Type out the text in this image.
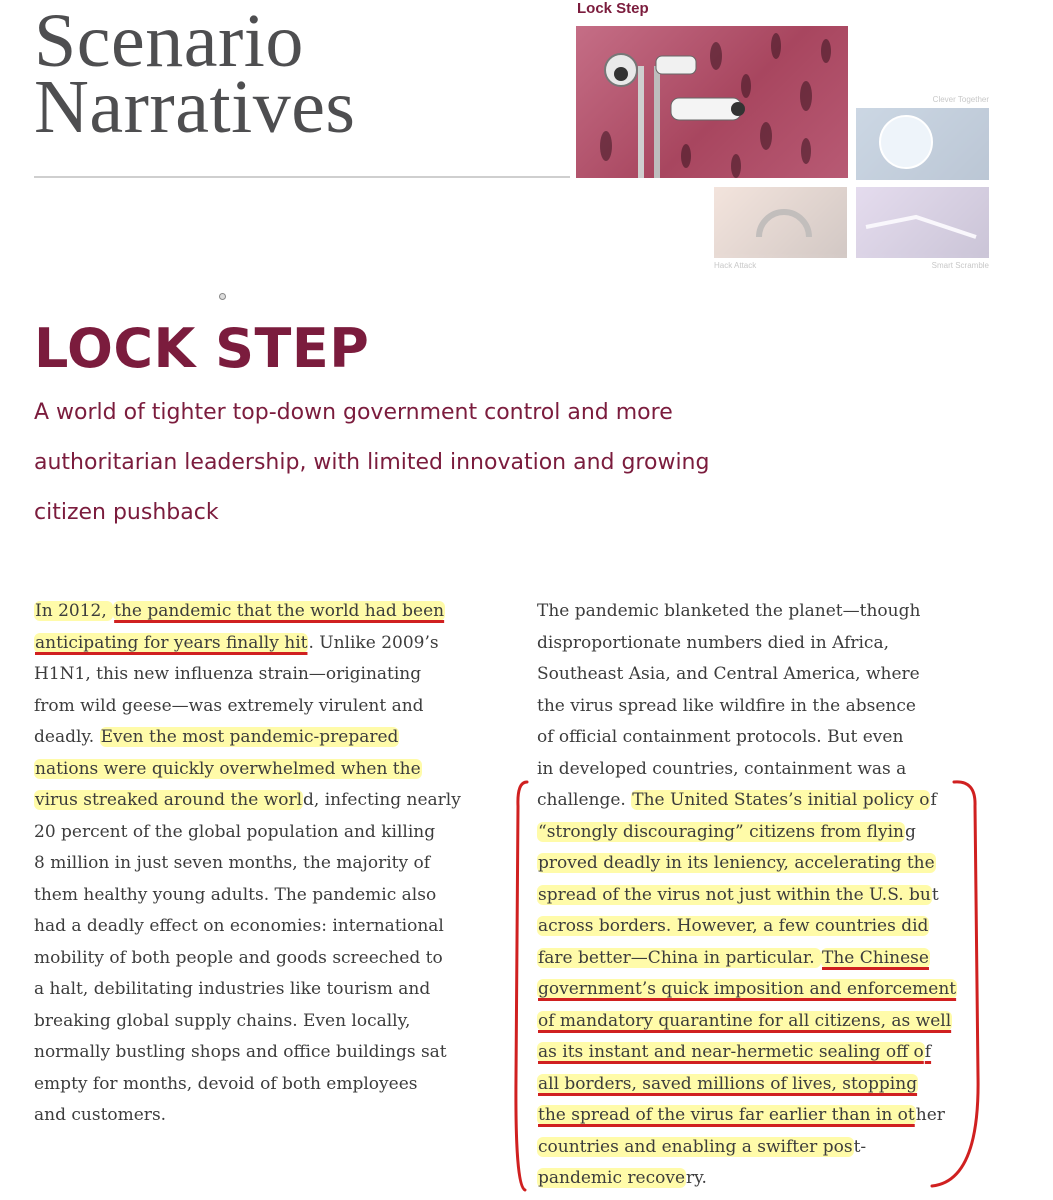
Scenario
Narratives
Lock Step
Clever Together
Hack Attack	Smart Scramble
LOCK STEP
A world of tighter top-down government control and more
authoritarian leadership, with limited innovation and growing
citizen pushback
In 2012, the pandemic that the world had been
anticipating for years finally hit. Unlike 2009’s
H1N1, this new influenza strain—originating
from wild geese—was extremely virulent and
deadly. Even the most pandemic-prepared
nations were quickly overwhelmed when the
virus streaked around the world, infecting nearly
20 percent of the global population and killing
8 million in just seven months, the majority of
them healthy young adults. The pandemic also
had a deadly effect on economies: international
mobility of both people and goods screeched to
a halt, debilitating industries like tourism and
breaking global supply chains. Even locally,
normally bustling shops and office buildings sat
empty for months, devoid of both employees
and customers.
The pandemic blanketed the planet—though
disproportionate numbers died in Africa,
Southeast Asia, and Central America, where
the virus spread like wildfire in the absence
of official containment protocols. But even
in developed countries, containment was a
challenge. The United States’s initial policy of
“strongly discouraging” citizens from flying
proved deadly in its leniency, accelerating the
spread of the virus not just within the U.S. but
across borders. However, a few countries did
fare better—China in particular. The Chinese
government’s quick imposition and enforcement
of mandatory quarantine for all citizens, as well
as its instant and near-hermetic sealing off of
all borders, saved millions of lives, stopping
the spread of the virus far earlier than in other
countries and enabling a swifter post-
pandemic recovery.
